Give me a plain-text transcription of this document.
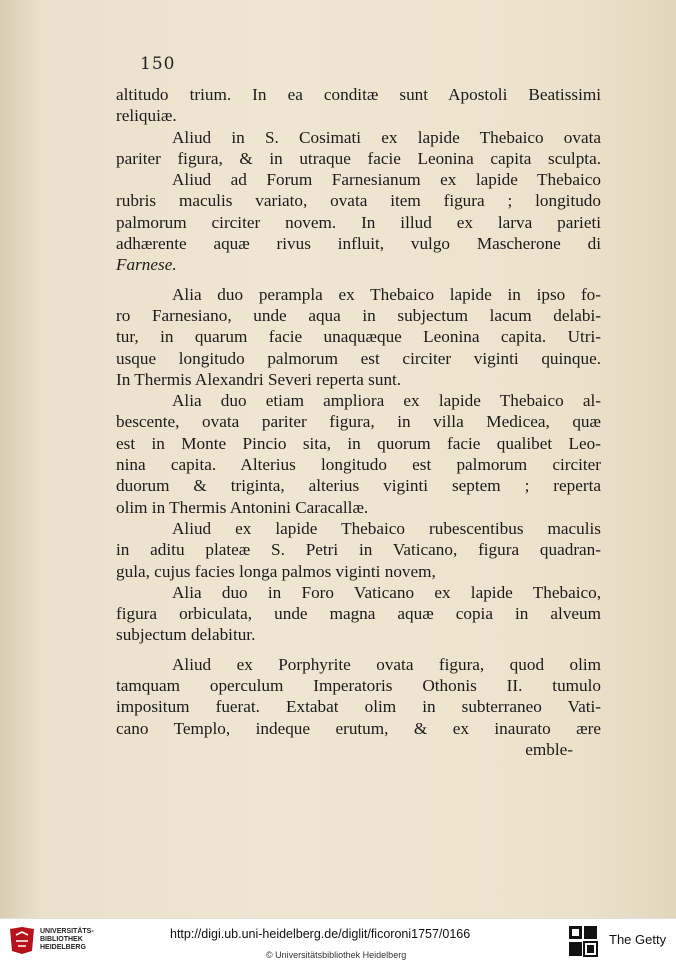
150
altitudo trium. In ea conditæ sunt Apostoli Beatissimi
reliquiæ.
Aliud in S. Cosimati ex lapide Thebaico ovata
pariter figura, & in utraque facie Leonina capita sculpta.
Aliud ad Forum Farnesianum ex lapide Thebaico
rubris maculis variato, ovata item figura ; longitudo
palmorum circiter novem. In illud ex larva parieti
adhærente aquæ rivus influit, vulgo Mascherone di
Farnese.
Alia duo perampla ex Thebaico lapide in ipso fo-
ro Farnesiano, unde aqua in subjectum lacum delabi-
tur, in quarum facie unaquæque Leonina capita. Utri-
usque longitudo palmorum est circiter viginti quinque.
In Thermis Alexandri Severi reperta sunt.
Alia duo etiam ampliora ex lapide Thebaico al-
bescente, ovata pariter figura, in villa Medicea, quæ
est in Monte Pincio sita, in quorum facie qualibet Leo-
nina capita. Alterius longitudo est palmorum circiter
duorum & triginta, alterius viginti septem ; reperta
olim in Thermis Antonini Caracallæ.
Aliud ex lapide Thebaico rubescentibus maculis
in aditu plateæ S. Petri in Vaticano, figura quadran-
gula, cujus facies longa palmos viginti novem,
Alia duo in Foro Vaticano ex lapide Thebaico,
figura orbiculata, unde magna aquæ copia in alveum
subjectum delabitur.
Aliud ex Porphyrite ovata figura, quod olim
tamquam operculum Imperatoris Othonis II. tumulo
impositum fuerat. Extabat olim in subterraneo Vati-
cano Templo, indeque erutum, & ex inaurato ære
emble-
UNIVERSITÄTS-BIBLIOTHEK HEIDELBERG
http://digi.ub.uni-heidelberg.de/diglit/ficoroni1757/0166
© Universitätsbibliothek Heidelberg
The Getty
